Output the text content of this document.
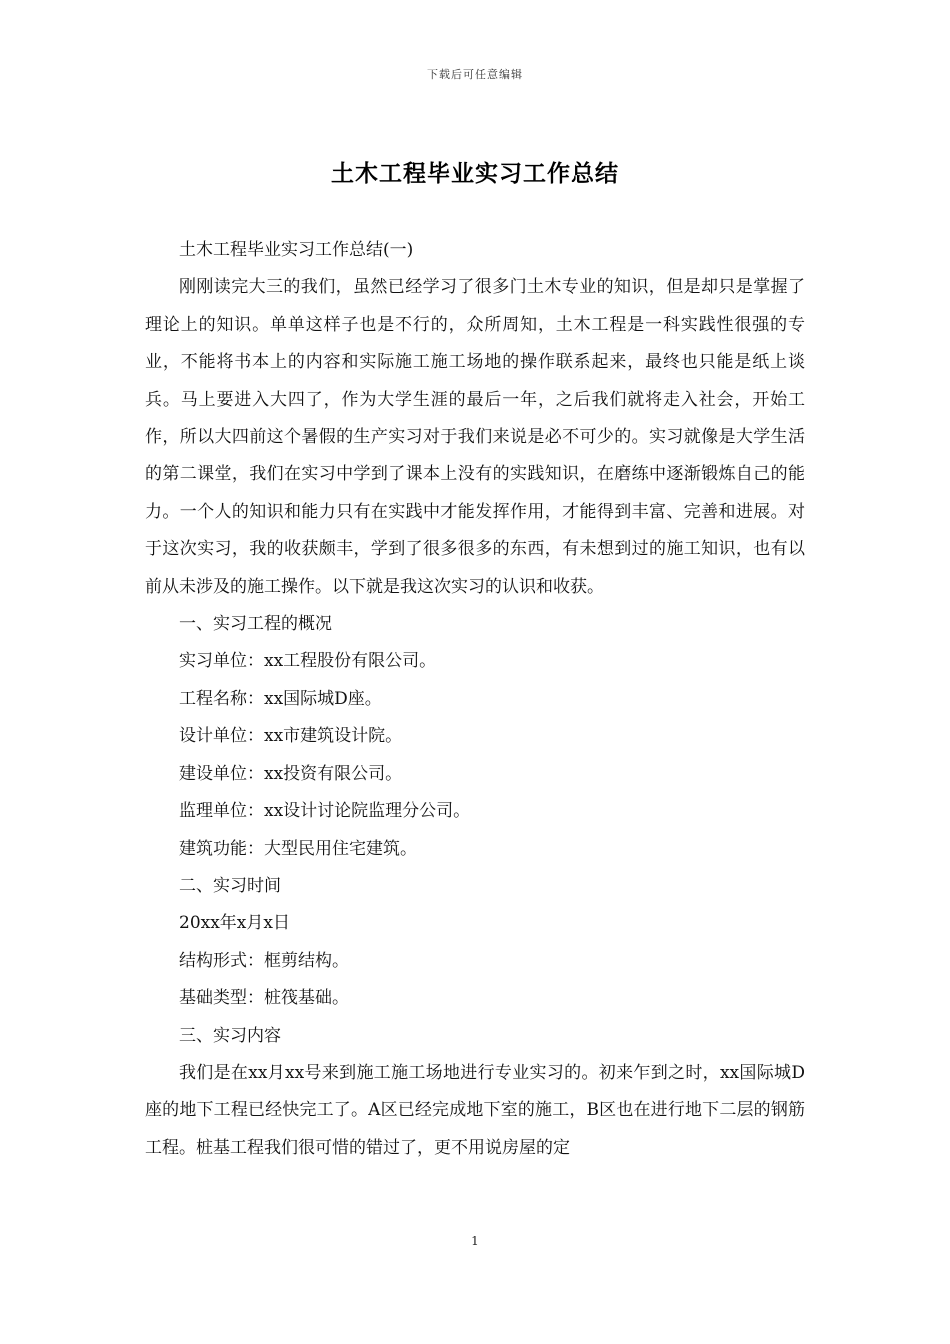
下载后可任意编辑
土木工程毕业实习工作总结

土木工程毕业实习工作总结(一)

刚刚读完大三的我们，虽然已经学习了很多门土木专业的知识，但是却只是掌握了理论上的知识。单单这样子也是不行的，众所周知，土木工程是一科实践性很强的专业，不能将书本上的内容和实际施工施工场地的操作联系起来，最终也只能是纸上谈兵。马上要进入大四了，作为大学生涯的最后一年，之后我们就将走入社会，开始工作，所以大四前这个暑假的生产实习对于我们来说是必不可少的。实习就像是大学生活的第二课堂，我们在实习中学到了课本上没有的实践知识，在磨练中逐渐锻炼自己的能力。一个人的知识和能力只有在实践中才能发挥作用，才能得到丰富、完善和进展。对于这次实习，我的收获颇丰，学到了很多很多的东西，有未想到过的施工知识，也有以前从未涉及的施工操作。以下就是我这次实习的认识和收获。

一、实习工程的概况

实习单位：xx工程股份有限公司。

工程名称：xx国际城D座。

设计单位：xx市建筑设计院。

建设单位：xx投资有限公司。

监理单位：xx设计讨论院监理分公司。

建筑功能：大型民用住宅建筑。

二、实习时间

20xx年x月x日

结构形式：框剪结构。

基础类型：桩筏基础。

三、实习内容

我们是在xx月xx号来到施工施工场地进行专业实习的。初来乍到之时，xx国际城D座的地下工程已经快完工了。A区已经完成地下室的施工，B区也在进行地下二层的钢筋工程。桩基工程我们很可惜的错过了，更不用说房屋的定

1
